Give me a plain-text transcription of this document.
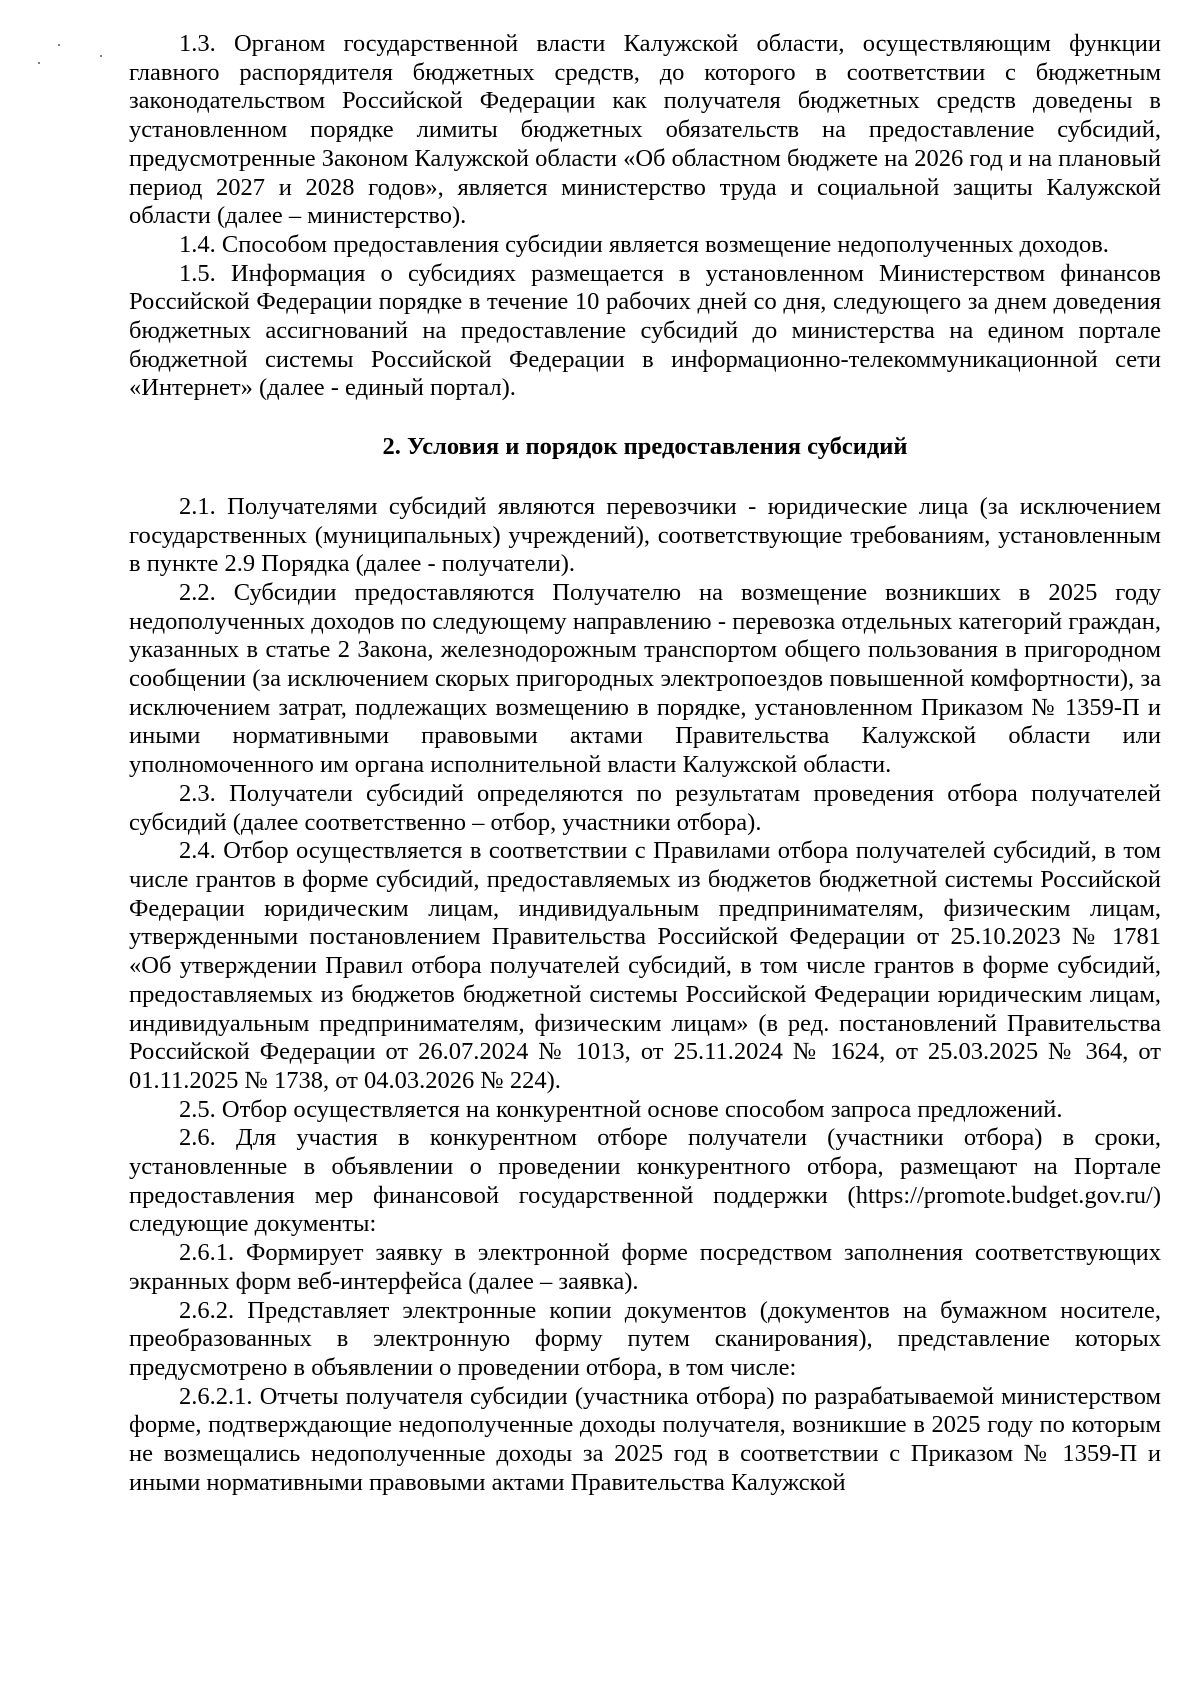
1.3. Органом государственной власти Калужской области, осуществляющим функции главного распорядителя бюджетных средств, до которого в соответствии с бюджетным законодательством Российской Федерации как получателя бюджетных средств доведены в установленном порядке лимиты бюджетных обязательств на предоставление субсидий, предусмотренные Законом Калужской области «Об областном бюджете на 2026 год и на плановый период 2027 и 2028 годов», является министерство труда и социальной защиты Калужской области (далее – министерство).

1.4. Способом предоставления субсидии является возмещение недополученных доходов.

1.5. Информация о субсидиях размещается в установленном Министерством финансов Российской Федерации порядке в течение 10 рабочих дней со дня, следующего за днем доведения бюджетных ассигнований на предоставление субсидий до министерства на едином портале бюджетной системы Российской Федерации в информационно-телекоммуникационной сети «Интернет» (далее - единый портал).

2. Условия и порядок предоставления субсидий

2.1. Получателями субсидий являются перевозчики - юридические лица (за исключением государственных (муниципальных) учреждений), соответствующие требованиям, установленным в пункте 2.9 Порядка (далее - получатели).

2.2. Субсидии предоставляются Получателю на возмещение возникших в 2025 году недополученных доходов по следующему направлению - перевозка отдельных категорий граждан, указанных в статье 2 Закона, железнодорожным транспортом общего пользования в пригородном сообщении (за исключением скорых пригородных электропоездов повышенной комфортности), за исключением затрат, подлежащих возмещению в порядке, установленном Приказом № 1359-П и иными нормативными правовыми актами Правительства Калужской области или уполномоченного им органа исполнительной власти Калужской области.

2.3. Получатели субсидий определяются по результатам проведения отбора получателей субсидий (далее соответственно – отбор, участники отбора).

2.4. Отбор осуществляется в соответствии с Правилами отбора получателей субсидий, в том числе грантов в форме субсидий, предоставляемых из бюджетов бюджетной системы Российской Федерации юридическим лицам, индивидуальным предпринимателям, физическим лицам, утвержденными постановлением Правительства Российской Федерации от 25.10.2023 № 1781 «Об утверждении Правил отбора получателей субсидий, в том числе грантов в форме субсидий, предоставляемых из бюджетов бюджетной системы Российской Федерации юридическим лицам, индивидуальным предпринимателям, физическим лицам» (в ред. постановлений Правительства Российской Федерации от 26.07.2024 № 1013, от 25.11.2024 № 1624, от 25.03.2025 № 364, от 01.11.2025 № 1738, от 04.03.2026 № 224).

2.5. Отбор осуществляется на конкурентной основе способом запроса предложений.

2.6. Для участия в конкурентном отборе получатели (участники отбора) в сроки, установленные в объявлении о проведении конкурентного отбора, размещают на Портале предоставления мер финансовой государственной поддержки (https://promote.budget.gov.ru/) следующие документы:

2.6.1. Формирует заявку в электронной форме посредством заполнения соответствующих экранных форм веб-интерфейса (далее – заявка).

2.6.2. Представляет электронные копии документов (документов на бумажном носителе, преобразованных в электронную форму путем сканирования), представление которых предусмотрено в объявлении о проведении отбора, в том числе:

2.6.2.1. Отчеты получателя субсидии (участника отбора) по разрабатываемой министерством форме, подтверждающие недополученные доходы получателя, возникшие в 2025 году по которым не возмещались недополученные доходы за 2025 год в соответствии с Приказом № 1359-П и иными нормативными правовыми актами Правительства Калужской
